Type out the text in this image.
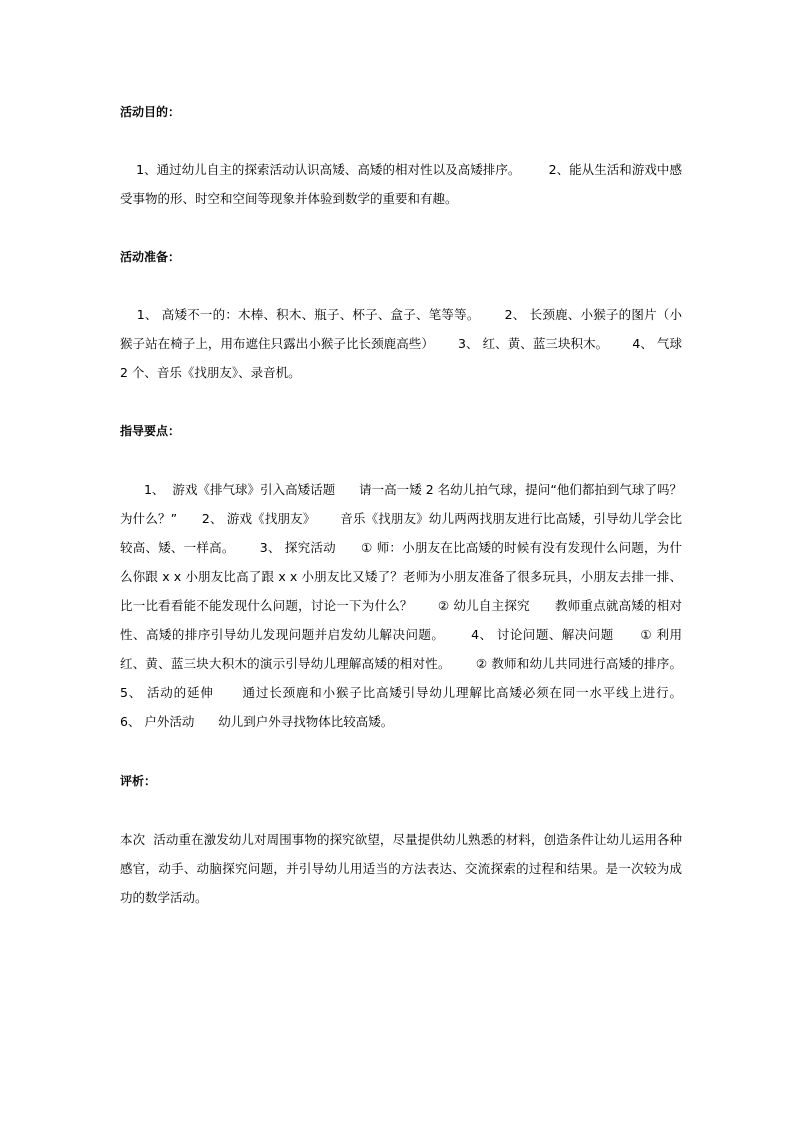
活动目的：
1、通过幼儿自主的探索活动认识高矮、高矮的相对性以及高矮排序。       2、能从生活和游戏中感受事物的形、时空和空间等现象并体验到数学的重要和有趣。
活动准备：
1、 高矮不一的：木棒、积木、瓶子、杯子、盒子、笔等等。      2、 长颈鹿、小猴子的图片（小猴子站在椅子上，用布遮住只露出小猴子比长颈鹿高些）      3、 红、黄、蓝三块积木。      4、 气球 2 个、音乐《找朋友》、录音机。
指导要点：
1、  游戏《排气球》引入高矮话题      请一高一矮 2 名幼儿拍气球，提问“他们都拍到气球了吗？为什么？”      2、 游戏《找朋友》      音乐《找朋友》幼儿两两找朋友进行比高矮，引导幼儿学会比较高、矮、一样高。      3、 探究活动      ① 师：小朋友在比高矮的时候有没有发现什么问题，为什么你跟 x x 小朋友比高了跟 x x 小朋友比又矮了？老师为小朋友准备了很多玩具，小朋友去排一排、比一比看看能不能发现什么问题，讨论一下为什么？      ② 幼儿自主探究      教师重点就高矮的相对性、高矮的排序引导幼儿发现问题并启发幼儿解决问题。      4、 讨论问题、解决问题      ① 利用红、黄、蓝三块大积木的演示引导幼儿理解高矮的相对性。      ② 教师和幼儿共同进行高矮的排序。      5、 活动的延伸      通过长颈鹿和小猴子比高矮引导幼儿理解比高矮必须在同一水平线上进行。      6、 户外活动      幼儿到户外寻找物体比较高矮。
评析：
本次  活动重在激发幼儿对周围事物的探究欲望，尽量提供幼儿熟悉的材料，创造条件让幼儿运用各种感官，动手、动脑探究问题，并引导幼儿用适当的方法表达、交流探索的过程和结果。是一次较为成功的数学活动。
